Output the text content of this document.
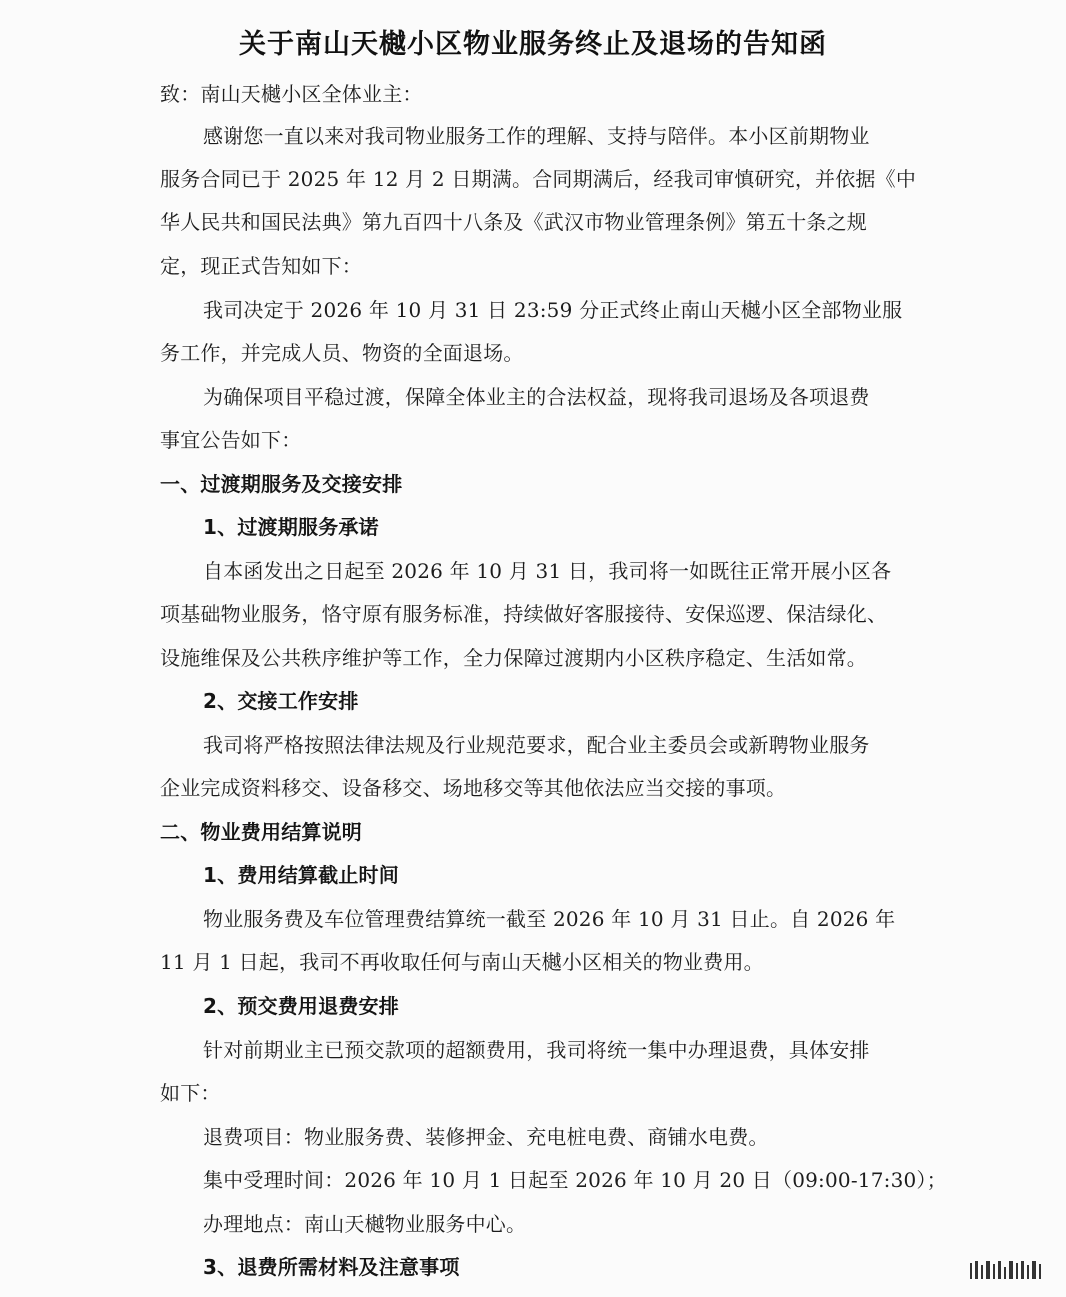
关于南山天樾小区物业服务终止及退场的告知函
致：南山天樾小区全体业主：
感谢您一直以来对我司物业服务工作的理解、支持与陪伴。本小区前期物业
服务合同已于 2025 年 12 月 2 日期满。合同期满后，经我司审慎研究，并依据《中
华人民共和国民法典》第九百四十八条及《武汉市物业管理条例》第五十条之规
定，现正式告知如下：
我司决定于 2026 年 10 月 31 日 23:59 分正式终止南山天樾小区全部物业服
务工作，并完成人员、物资的全面退场。
为确保项目平稳过渡，保障全体业主的合法权益，现将我司退场及各项退费
事宜公告如下：
一、过渡期服务及交接安排
1、过渡期服务承诺
自本函发出之日起至 2026 年 10 月 31 日，我司将一如既往正常开展小区各
项基础物业服务，恪守原有服务标准，持续做好客服接待、安保巡逻、保洁绿化、
设施维保及公共秩序维护等工作，全力保障过渡期内小区秩序稳定、生活如常。
2、交接工作安排
我司将严格按照法律法规及行业规范要求，配合业主委员会或新聘物业服务
企业完成资料移交、设备移交、场地移交等其他依法应当交接的事项。
二、物业费用结算说明
1、费用结算截止时间
物业服务费及车位管理费结算统一截至 2026 年 10 月 31 日止。自 2026 年
11 月 1 日起，我司不再收取任何与南山天樾小区相关的物业费用。
2、预交费用退费安排
针对前期业主已预交款项的超额费用，我司将统一集中办理退费，具体安排
如下：
退费项目：物业服务费、装修押金、充电桩电费、商铺水电费。
集中受理时间：2026 年 10 月 1 日起至 2026 年 10 月 20 日（09:00-17:30）；
办理地点：南山天樾物业服务中心。
3、退费所需材料及注意事项
